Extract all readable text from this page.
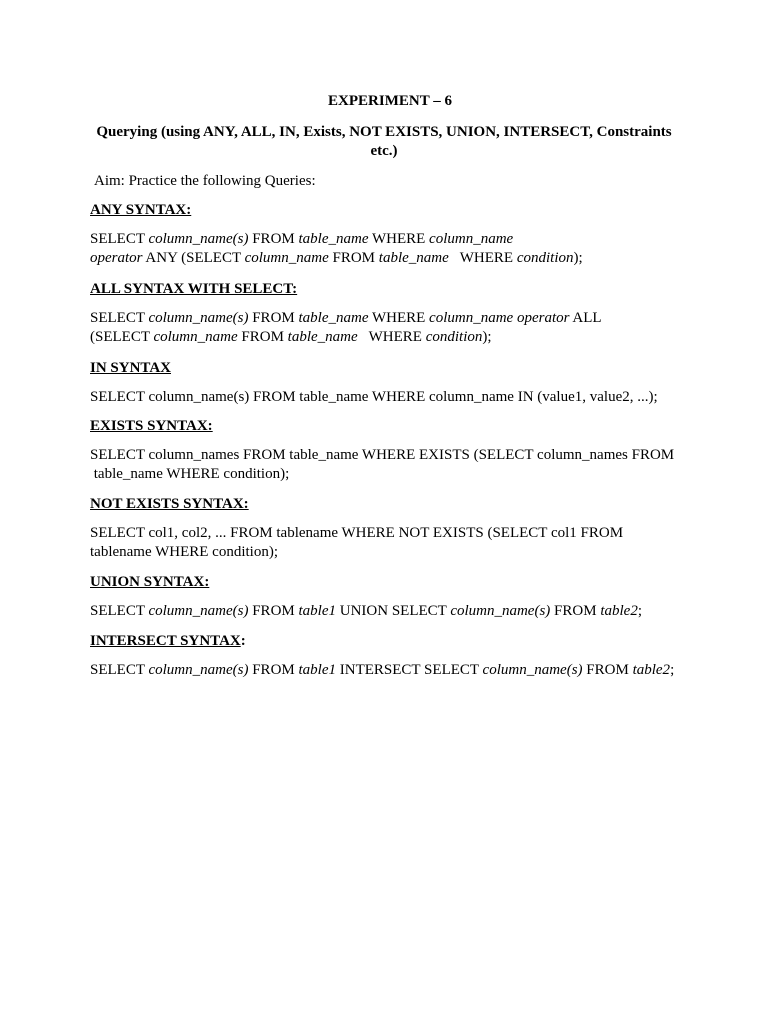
EXPERIMENT – 6
Querying (using ANY, ALL, IN, Exists, NOT EXISTS, UNION, INTERSECT, Constraints
etc.)
Aim: Practice the following Queries:
ANY SYNTAX:
SELECT column_name(s) FROM table_name WHERE column_name
operator ANY (SELECT column_name FROM table_name   WHERE condition);
ALL SYNTAX WITH SELECT:
SELECT column_name(s) FROM table_name WHERE column_name operator ALL
(SELECT column_name FROM table_name   WHERE condition);
IN SYNTAX
SELECT column_name(s) FROM table_name WHERE column_name IN (value1, value2, ...);
EXISTS SYNTAX:
SELECT column_names FROM table_name WHERE EXISTS (SELECT column_names FROM
table_name WHERE condition);
NOT EXISTS SYNTAX:
SELECT col1, col2, ... FROM tablename WHERE NOT EXISTS (SELECT col1 FROM
tablename WHERE condition);
UNION SYNTAX:
SELECT column_name(s) FROM table1 UNION SELECT column_name(s) FROM table2;
INTERSECT SYNTAX:
SELECT column_name(s) FROM table1 INTERSECT SELECT column_name(s) FROM table2;
